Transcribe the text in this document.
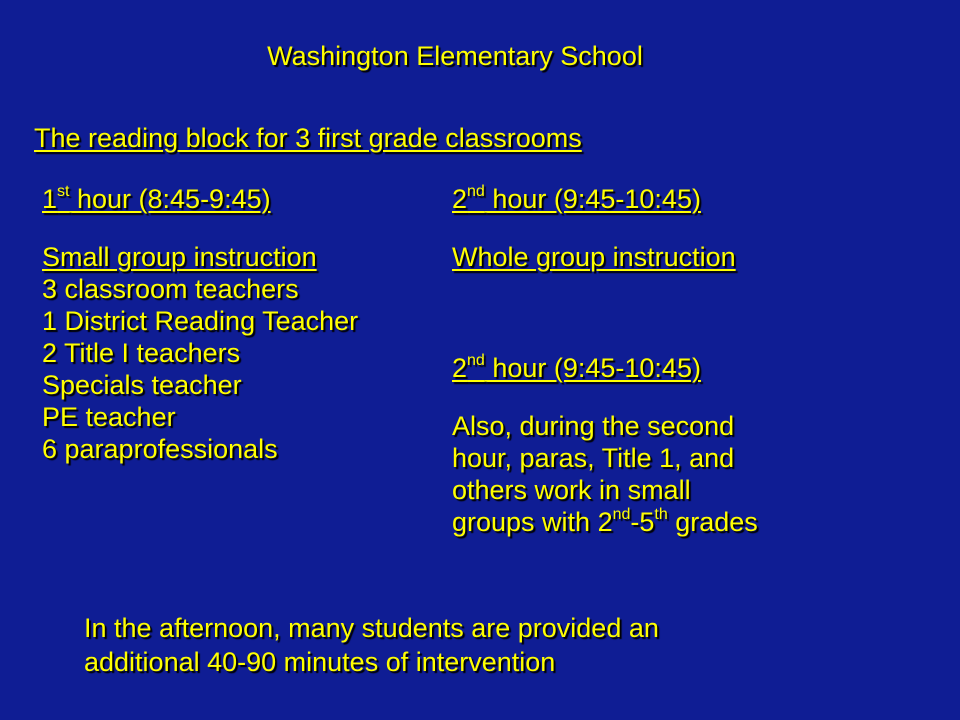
Washington Elementary School
The reading block for 3 first grade classrooms
1st hour (8:45-9:45)
Small group instruction
3 classroom teachers
1 District Reading Teacher
2 Title I teachers
Specials teacher
PE teacher
6 paraprofessionals
2nd hour (9:45-10:45)
Whole group instruction
2nd hour (9:45-10:45)
Also, during the second
hour, paras, Title 1, and
others work in small
groups with 2nd-5th grades
In the afternoon, many students are provided an
additional 40-90 minutes of intervention
